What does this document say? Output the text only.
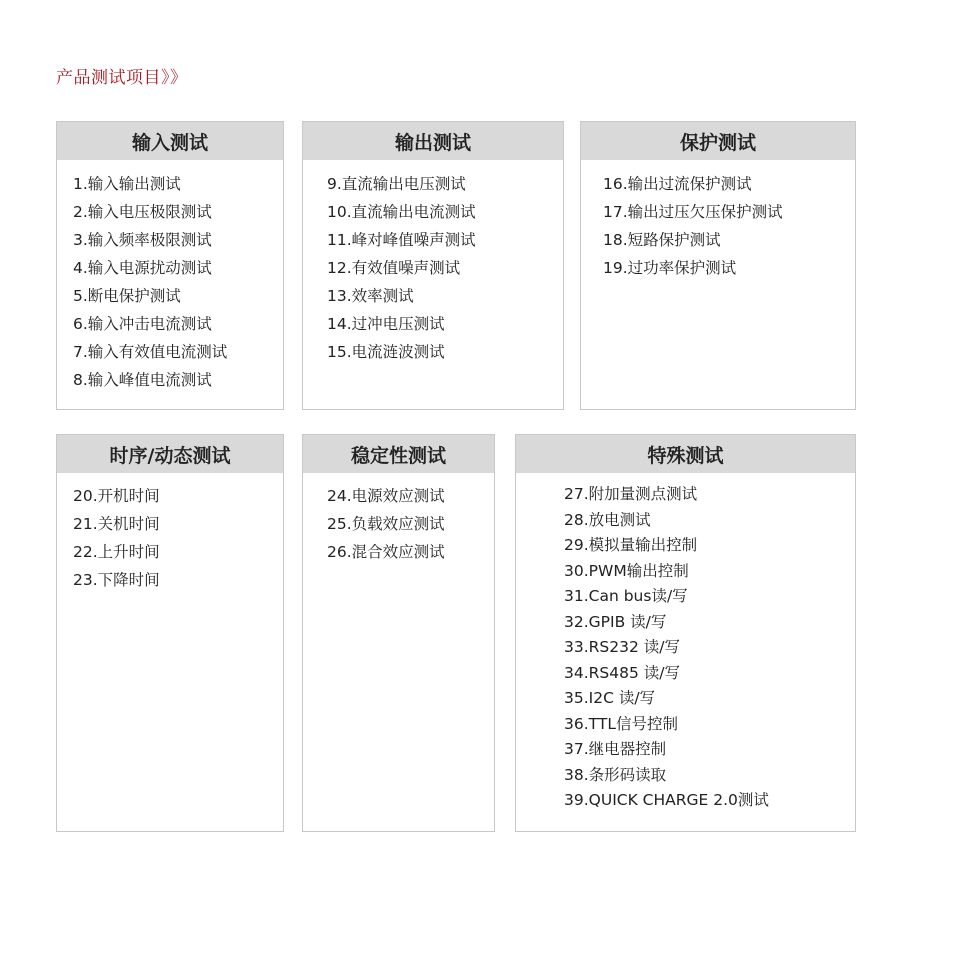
产品测试项目》》
输入测试
1.输入输出测试
2.输入电压极限测试
3.输入频率极限测试
4.输入电源扰动测试
5.断电保护测试
6.输入冲击电流测试
7.输入有效值电流测试
8.输入峰值电流测试
输出测试
9.直流输出电压测试
10.直流输出电流测试
11.峰对峰值噪声测试
12.有效值噪声测试
13.效率测试
14.过冲电压测试
15.电流涟波测试
保护测试
16.输出过流保护测试
17.输出过压欠压保护测试
18.短路保护测试
19.过功率保护测试
时序/动态测试
20.开机时间
21.关机时间
22.上升时间
23.下降时间
稳定性测试
24.电源效应测试
25.负载效应测试
26.混合效应测试
特殊测试
27.附加量测点测试
28.放电测试
29.模拟量输出控制
30.PWM输出控制
31.Can bus读/写
32.GPIB 读/写
33.RS232 读/写
34.RS485 读/写
35.I2C 读/写
36.TTL信号控制
37.继电器控制
38.条形码读取
39.QUICK CHARGE 2.0测试
